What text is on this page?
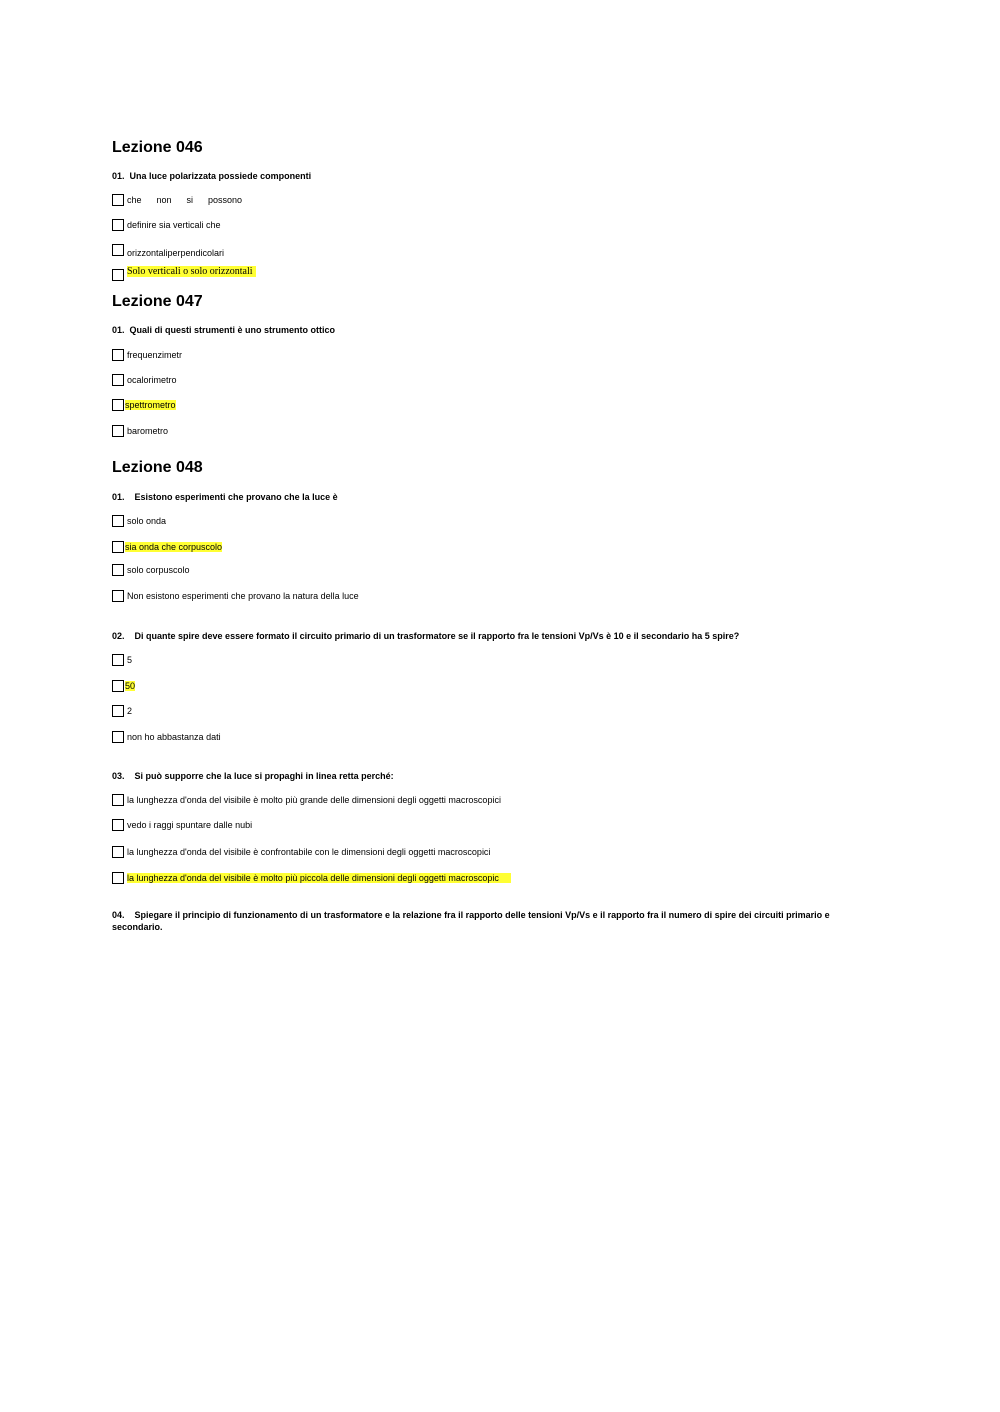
Lezione 046
01. Una luce polarizzata possiede componenti
che      non      si      possono
definire sia verticali che
orizzontaliperpendicolari
Solo verticali o solo orizzontali
Lezione 047
01. Quali di questi strumenti è uno strumento ottico
frequenzimetr
ocalorimetro
spettrometro
barometro
Lezione 048
01. Esistono esperimenti che provano che la luce è
solo onda
sia onda che corpuscolo
solo corpuscolo
Non esistono esperimenti che provano la natura della luce
02. Di quante spire deve essere formato il circuito primario di un trasformatore se il rapporto fra le tensioni Vp/Vs è 10 e il secondario ha 5 spire?
5
50
2
non ho abbastanza dati
03. Si può supporre che la luce si propaghi in linea retta perché:
la lunghezza d'onda del visibile è molto più grande delle dimensioni degli oggetti macroscopici
vedo i raggi spuntare dalle nubi
la lunghezza d'onda del visibile è confrontabile con le dimensioni degli oggetti macroscopici
la lunghezza d'onda del visibile è molto più piccola delle dimensioni degli oggetti macroscopic
04. Spiegare il principio di funzionamento di un trasformatore e la relazione fra il rapporto delle tensioni Vp/Vs e il rapporto fra il numero di spire dei circuiti primario e secondario.
